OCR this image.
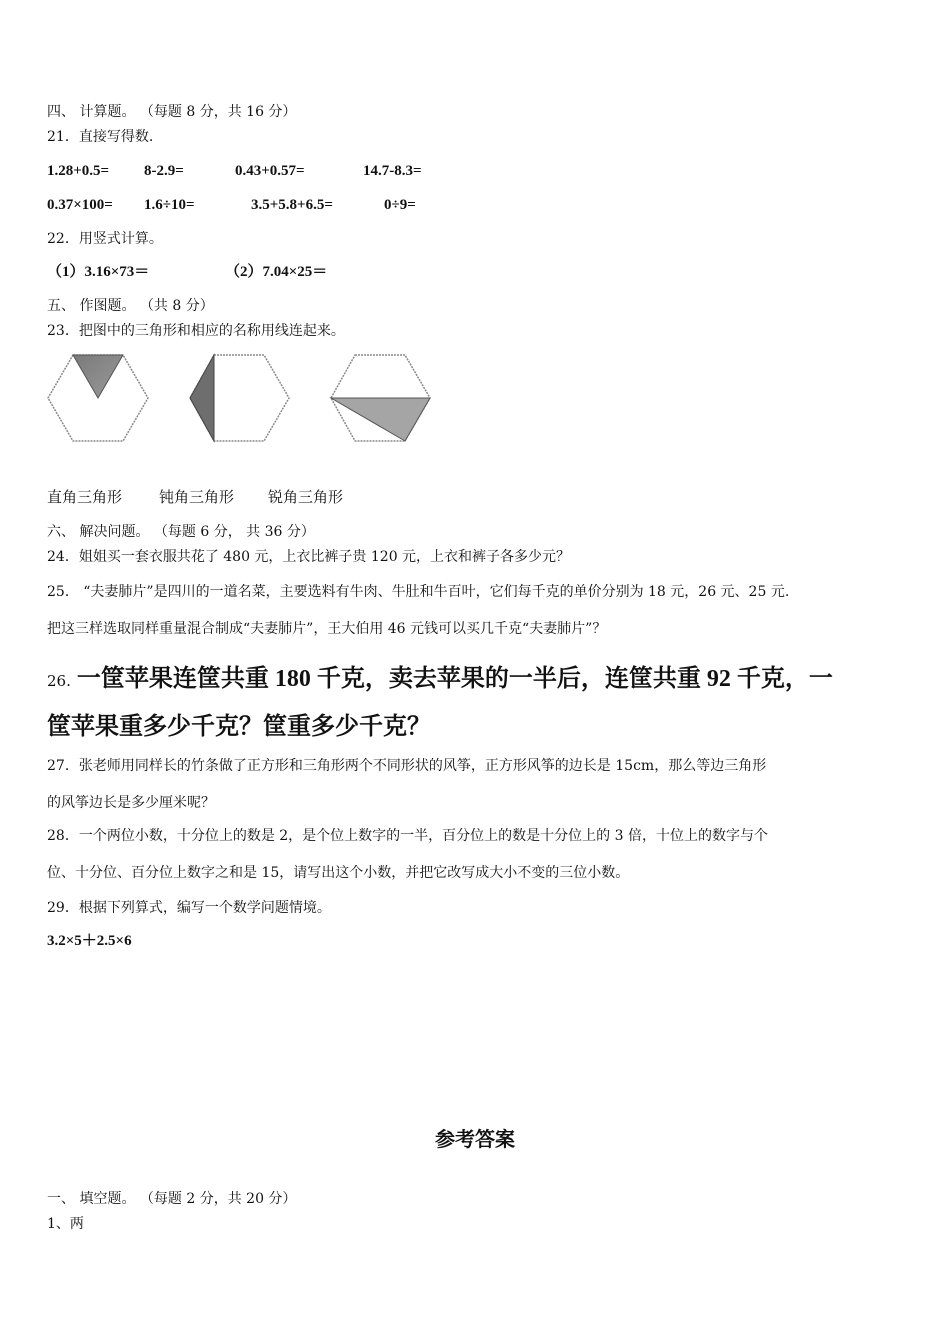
四、 计算题。 （每题 8 分，共 16 分）
21．直接写得数.
1.28+0.5= 8-2.9=	0.43+0.57=	14.7-8.3=
0.37×100= 1.6÷10=	3.5+5.8+6.5=	0÷9=
22．用竖式计算。
（1）3.16×73＝	（2）7.04×25＝
五、 作图题。 （共 8 分）
23．把图中的三角形和相应的名称用线连起来。
直角三角形 钝角三角形 锐角三角形
六、 解决问题。 （每题 6 分， 共 36 分）
24．姐姐买一套衣服共花了 480 元，上衣比裤子贵 120 元，上衣和裤子各多少元？
25． “夫妻肺片”是四川的一道名菜，主要选料有牛肉、牛肚和牛百叶，它们每千克的单价分别为 18 元，26 元、25 元.
把这三样选取同样重量混合制成“夫妻肺片”，王大伯用 46 元钱可以买几千克“夫妻肺片”？
26. 一筐苹果连筐共重 180 千克，卖去苹果的一半后，连筐共重 92 千克，一
筐苹果重多少千克？筐重多少千克？
27．张老师用同样长的竹条做了正方形和三角形两个不同形状的风筝，正方形风筝的边长是 15cm，那么等边三角形
的风筝边长是多少厘米呢？
28．一个两位小数，十分位上的数是 2，是个位上数字的一半，百分位上的数是十分位上的 3 倍，十位上的数字与个
位、十分位、百分位上数字之和是 15，请写出这个小数，并把它改写成大小不变的三位小数。
29．根据下列算式，编写一个数学问题情境。
3.2×5＋2.5×6
参考答案
一、 填空题。 （每题 2 分，共 20 分）
1、两
